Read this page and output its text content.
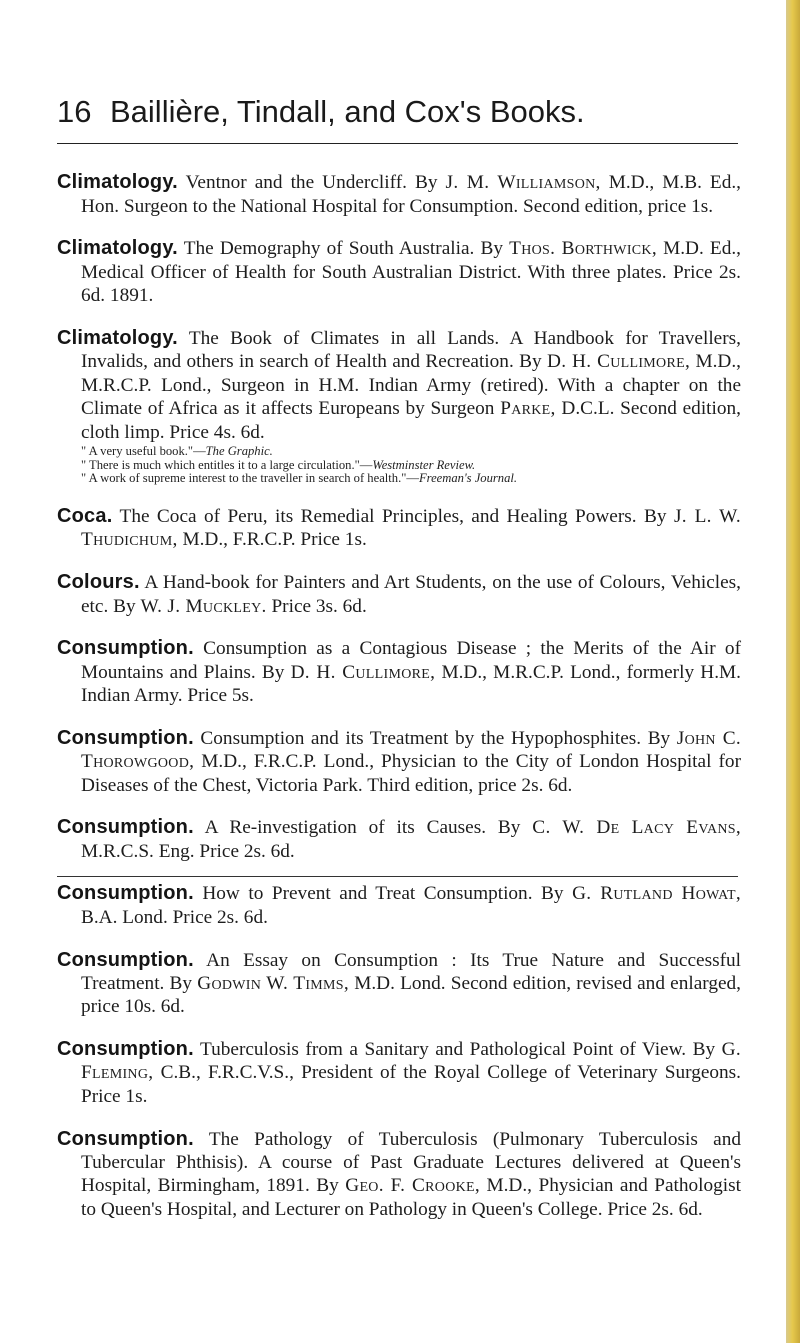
16 Baillière, Tindall, and Cox's Books.

Climatology. Ventnor and the Undercliff. By J. M. Williamson, M.D., M.B. Ed., Hon. Surgeon to the National Hospital for Consumption. Second edition, price 1s.

Climatology. The Demography of South Australia. By Thos. Borthwick, M.D. Ed., Medical Officer of Health for South Australian District. With three plates. Price 2s. 6d. 1891.

Climatology. The Book of Climates in all Lands. A Handbook for Travellers, Invalids, and others in search of Health and Recreation. By D. H. Cullimore, M.D., M.R.C.P. Lond., Surgeon in H.M. Indian Army (retired). With a chapter on the Climate of Africa as it affects Europeans by Surgeon Parke, D.C.L. Second edition, cloth limp. Price 4s. 6d.

" A very useful book."—The Graphic.
" There is much which entitles it to a large circulation."—Westminster Review.
" A work of supreme interest to the traveller in search of health."—Freeman's Journal.

Coca. The Coca of Peru, its Remedial Principles, and Healing Powers. By J. L. W. Thudichum, M.D., F.R.C.P. Price 1s.

Colours. A Hand-book for Painters and Art Students, on the use of Colours, Vehicles, etc. By W. J. Muckley. Price 3s. 6d.

Consumption. Consumption as a Contagious Disease ; the Merits of the Air of Mountains and Plains. By D. H. Cullimore, M.D., M.R.C.P. Lond., formerly H.M. Indian Army. Price 5s.

Consumption. Consumption and its Treatment by the Hypophosphites. By John C. Thorowgood, M.D., F.R.C.P. Lond., Physician to the City of London Hospital for Diseases of the Chest, Victoria Park. Third edition, price 2s. 6d.

Consumption. A Re-investigation of its Causes. By C. W. De Lacy Evans, M.R.C.S. Eng. Price 2s. 6d.

Consumption. How to Prevent and Treat Consumption. By G. Rutland Howat, B.A. Lond. Price 2s. 6d.

Consumption. An Essay on Consumption : Its True Nature and Successful Treatment. By Godwin W. Timms, M.D. Lond. Second edition, revised and enlarged, price 10s. 6d.

Consumption. Tuberculosis from a Sanitary and Pathological Point of View. By G. Fleming, C.B., F.R.C.V.S., President of the Royal College of Veterinary Surgeons. Price 1s.

Consumption. The Pathology of Tuberculosis (Pulmonary Tuberculosis and Tubercular Phthisis). A course of Past Graduate Lectures delivered at Queen's Hospital, Birmingham, 1891. By Geo. F. Crooke, M.D., Physician and Pathologist to Queen's Hospital, and Lecturer on Pathology in Queen's College. Price 2s. 6d.
